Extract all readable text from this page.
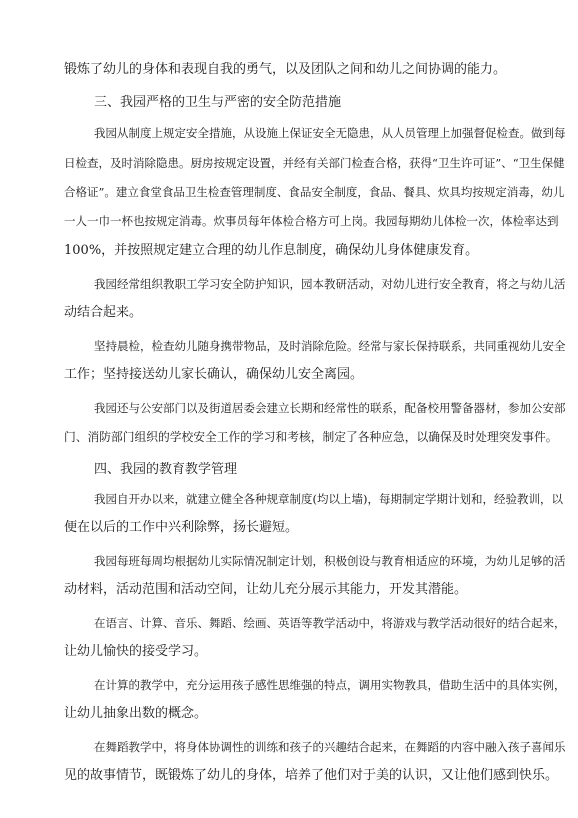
锻炼了幼儿的身体和表现自我的勇气，以及团队之间和幼儿之间协调的能力。

三、我园严格的卫生与严密的安全防范措施

我园从制度上规定安全措施，从设施上保证安全无隐患，从人员管理上加强督促检查。做到每

日检查，及时消除隐患。厨房按规定设置，并经有关部门检查合格，获得“卫生许可证”、“卫生保健

合格证”。建立食堂食品卫生检查管理制度、食品安全制度，食品、餐具、炊具均按规定消毒，幼儿

一人一巾一杯也按规定消毒。炊事员每年体检合格方可上岗。我园每期幼儿体检一次，体检率达到

100%，并按照规定建立合理的幼儿作息制度，确保幼儿身体健康发育。

我园经常组织教职工学习安全防护知识，园本教研活动，对幼儿进行安全教育，将之与幼儿活

动结合起来。

坚持晨检，检查幼儿随身携带物品，及时消除危险。经常与家长保持联系，共同重视幼儿安全

工作；坚持接送幼儿家长确认，确保幼儿安全离园。

我园还与公安部门以及街道居委会建立长期和经常性的联系，配备校用警备器材，参加公安部

门、消防部门组织的学校安全工作的学习和考核，制定了各种应急，以确保及时处理突发事件。

四、我园的教育教学管理

我园自开办以来，就建立健全各种规章制度(均以上墙)，每期制定学期计划和，经验教训，以

便在以后的工作中兴利除弊，扬长避短。

我园每班每周均根据幼儿实际情况制定计划，积极创设与教育相适应的环境，为幼儿足够的活

动材料，活动范围和活动空间，让幼儿充分展示其能力，开发其潜能。

在语言、计算、音乐、舞蹈、绘画、英语等教学活动中，将游戏与教学活动很好的结合起来，

让幼儿愉快的接受学习。

在计算的教学中，充分运用孩子感性思维强的特点，调用实物教具，借助生活中的具体实例，

让幼儿抽象出数的概念。

在舞蹈教学中，将身体协调性的训练和孩子的兴趣结合起来，在舞蹈的内容中融入孩子喜闻乐

见的故事情节，既锻炼了幼儿的身体，培养了他们对于美的认识，又让他们感到快乐。
